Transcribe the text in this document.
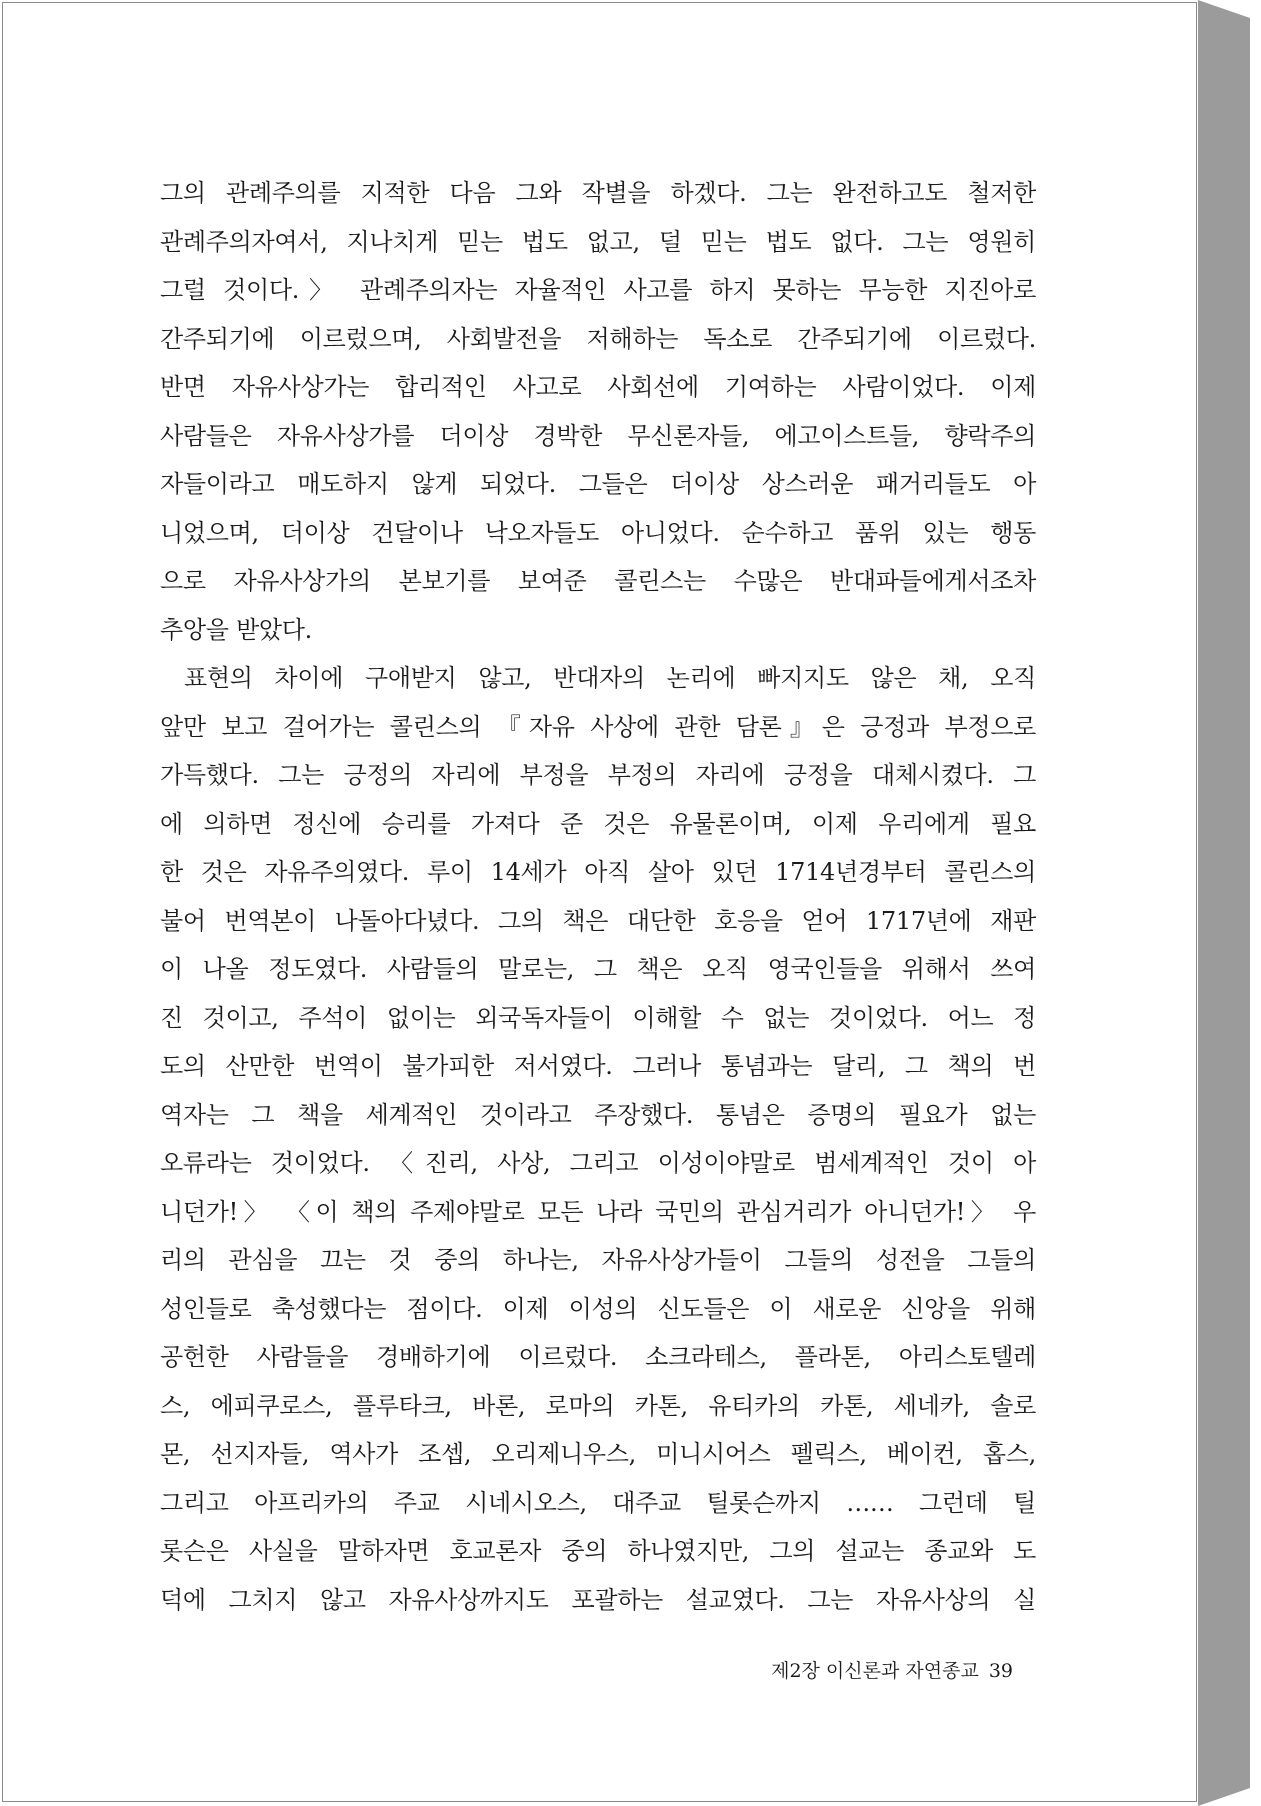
그의 관례주의를 지적한 다음 그와 작별을 하겠다. 그는 완전하고도 철저한
관례주의자여서, 지나치게 믿는 법도 없고, 덜 믿는 법도 없다. 그는 영원히
그럴 것이다.〉 관례주의자는 자율적인 사고를 하지 못하는 무능한 지진아로
간주되기에 이르렀으며, 사회발전을 저해하는 독소로 간주되기에 이르렀다.
반면 자유사상가는 합리적인 사고로 사회선에 기여하는 사람이었다. 이제
사람들은 자유사상가를 더이상 경박한 무신론자들, 에고이스트들, 향락주의
자들이라고 매도하지 않게 되었다. 그들은 더이상 상스러운 패거리들도 아
니었으며, 더이상 건달이나 낙오자들도 아니었다. 순수하고 품위 있는 행동
으로 자유사상가의 본보기를 보여준 콜린스는 수많은 반대파들에게서조차
추앙을 받았다.
표현의 차이에 구애받지 않고, 반대자의 논리에 빠지지도 않은 채, 오직
앞만 보고 걸어가는 콜린스의 『자유 사상에 관한 담론』은 긍정과 부정으로
가득했다. 그는 긍정의 자리에 부정을 부정의 자리에 긍정을 대체시켰다. 그
에 의하면 정신에 승리를 가져다 준 것은 유물론이며, 이제 우리에게 필요
한 것은 자유주의였다. 루이 14세가 아직 살아 있던 1714년경부터 콜린스의
불어 번역본이 나돌아다녔다. 그의 책은 대단한 호응을 얻어 1717년에 재판
이 나올 정도였다. 사람들의 말로는, 그 책은 오직 영국인들을 위해서 쓰여
진 것이고, 주석이 없이는 외국독자들이 이해할 수 없는 것이었다. 어느 정
도의 산만한 번역이 불가피한 저서였다. 그러나 통념과는 달리, 그 책의 번
역자는 그 책을 세계적인 것이라고 주장했다. 통념은 증명의 필요가 없는
오류라는 것이었다. 〈진리, 사상, 그리고 이성이야말로 범세계적인 것이 아
니던가!〉 〈이 책의 주제야말로 모든 나라 국민의 관심거리가 아니던가!〉 우
리의 관심을 끄는 것 중의 하나는, 자유사상가들이 그들의 성전을 그들의
성인들로 축성했다는 점이다. 이제 이성의 신도들은 이 새로운 신앙을 위해
공헌한 사람들을 경배하기에 이르렀다. 소크라테스, 플라톤, 아리스토텔레
스, 에피쿠로스, 플루타크, 바론, 로마의 카톤, 유티카의 카톤, 세네카, 솔로
몬, 선지자들, 역사가 조셉, 오리제니우스, 미니시어스 펠릭스, 베이컨, 홉스,
그리고 아프리카의 주교 시네시오스, 대주교 틸롯슨까지 …… 그런데 틸
롯슨은 사실을 말하자면 호교론자 중의 하나였지만, 그의 설교는 종교와 도
덕에 그치지 않고 자유사상까지도 포괄하는 설교였다. 그는 자유사상의 실
제2장 이신론과 자연종교 39
